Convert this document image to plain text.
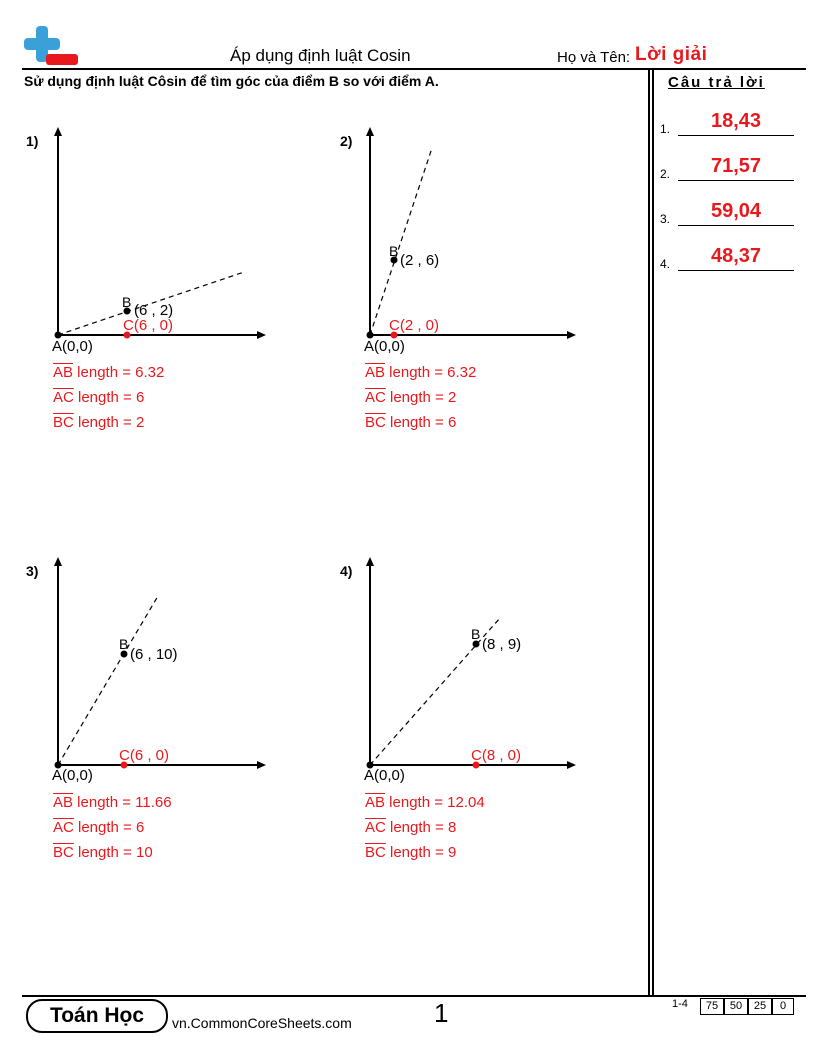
Áp dụng định luật Cosin	Họ và Tên: Lời giải
Sử dụng định luật Côsin để tìm góc của điểm B so với điểm A.	Câu trả lời
1.	18,43
2.	71,57
3.	59,04
4.	48,37
1)
B (6 , 2)
C(6 , 0)
A(0,0)
$\overline{AB}$ length = 6.32
$\overline{AC}$ length = 6
$\overline{BC}$ length = 2
2)
B
(2 , 6)
C(2 , 0)
A(0,0)
$\overline{AB}$ length = 6.32
$\overline{AC}$ length = 2
$\overline{BC}$ length = 6
3)
B
(6 , 10)
C(6 , 0)
A(0,0)
$\overline{AB}$ length = 11.66
$\overline{AC}$ length = 6
$\overline{BC}$ length = 10
4)
B
(8 , 9)
C(8 , 0)
A(0,0)
$\overline{AB}$ length = 12.04
$\overline{AC}$ length = 8
$\overline{BC}$ length = 9
Toán Học	vn.CommonCoreSheets.com	1	1-4	75	50	25	0
